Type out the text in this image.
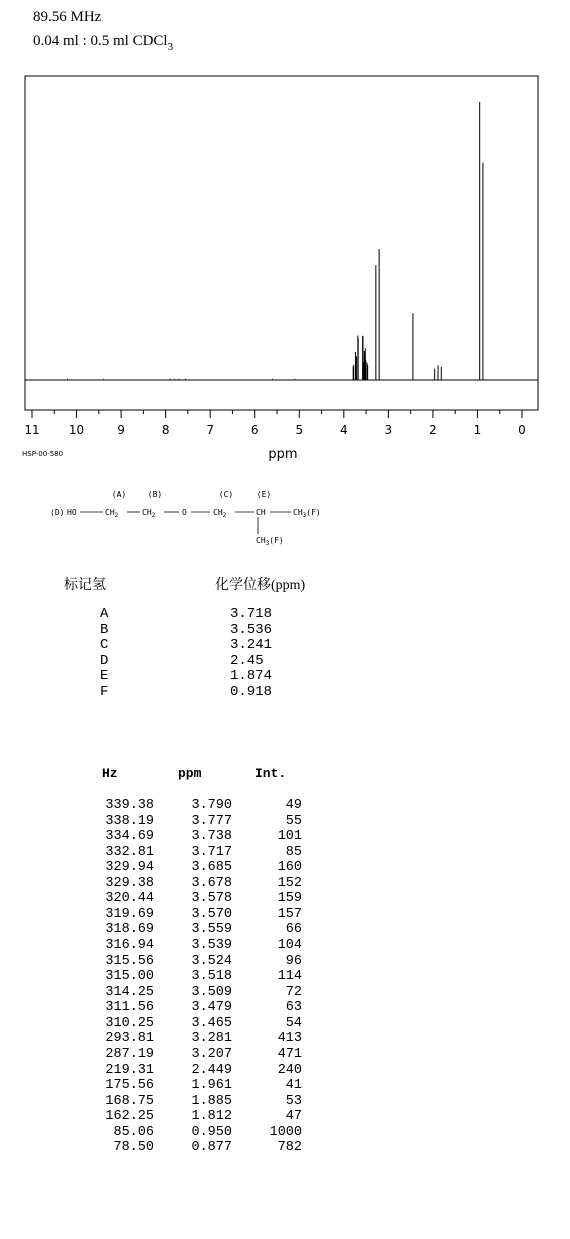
89.56 MHz
0.04 ml : 0.5 ml CDCl$_3$
11 10	9	8	7	6	5	4	3	2	1	0
ppm
HSP-00-580
(A)	(B)	(C)	(E)
(D) HO	$CH_2$	$CH_2$	O	$CH_2$	CH	$CH_3(F)$
$CH_3(F)$
标记氢	化学位移(ppm)
A	3.718
B	3.536
C	3.241
D	2.45
E	1.874
F	0.918
Hz	ppm	Int.
339.38	3.790	49
338.19	3.777	55
334.69	3.738	101
332.81	3.717	85
329.94	3.685	160
329.38	3.678	152
320.44	3.578	159
319.69	3.570	157
318.69	3.559	66
316.94	3.539	104
315.56	3.524	96
315.00	3.518	114
314.25	3.509	72
311.56	3.479	63
310.25	3.465	54
293.81	3.281	413
287.19	3.207	471
219.31	2.449	240
175.56	1.961	41
168.75	1.885	53
162.25	1.812	47
85.06	0.950	1000
78.50	0.877	782
